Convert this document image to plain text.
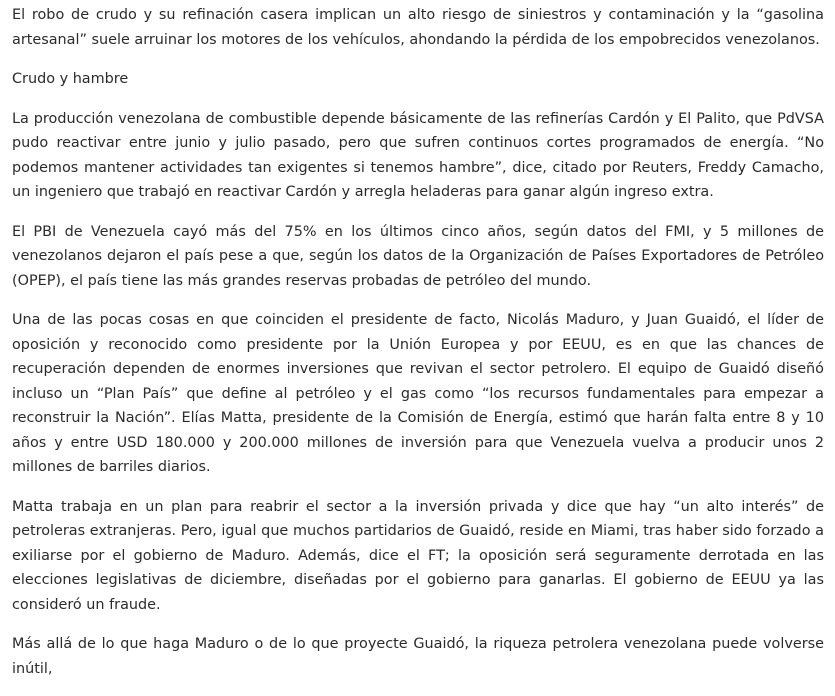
El robo de crudo y su refinación casera implican un alto riesgo de siniestros y contaminación y la “gasolina artesanal” suele arruinar los motores de los vehículos, ahondando la pérdida de los empobrecidos venezolanos.

Crudo y hambre

La producción venezolana de combustible depende básicamente de las refinerías Cardón y El Palito, que PdVSA pudo reactivar entre junio y julio pasado, pero que sufren continuos cortes programados de energía. “No podemos mantener actividades tan exigentes si tenemos hambre”, dice, citado por Reuters, Freddy Camacho, un ingeniero que trabajó en reactivar Cardón y arregla heladeras para ganar algún ingreso extra.

El PBI de Venezuela cayó más del 75% en los últimos cinco años, según datos del FMI, y 5 millones de venezolanos dejaron el país pese a que, según los datos de la Organización de Países Exportadores de Petróleo (OPEP), el país tiene las más grandes reservas probadas de petróleo del mundo.

Una de las pocas cosas en que coinciden el presidente de facto, Nicolás Maduro, y Juan Guaidó, el líder de oposición y reconocido como presidente por la Unión Europea y por EEUU, es en que las chances de recuperación dependen de enormes inversiones que revivan el sector petrolero. El equipo de Guaidó diseñó incluso un “Plan País” que define al petróleo y el gas como “los recursos fundamentales para empezar a reconstruir la Nación”. Elías Matta, presidente de la Comisión de Energía, estimó que harán falta entre 8 y 10 años y entre USD 180.000 y 200.000 millones de inversión para que Venezuela vuelva a producir unos 2 millones de barriles diarios.

Matta trabaja en un plan para reabrir el sector a la inversión privada y dice que hay “un alto interés” de petroleras extranjeras. Pero, igual que muchos partidarios de Guaidó, reside en Miami, tras haber sido forzado a exiliarse por el gobierno de Maduro. Además, dice el FT; la oposición será seguramente derrotada en las elecciones legislativas de diciembre, diseñadas por el gobierno para ganarlas. El gobierno de EEUU ya las consideró un fraude.

Más allá de lo que haga Maduro o de lo que proyecte Guaidó, la riqueza petrolera venezolana puede volverse inútil,
